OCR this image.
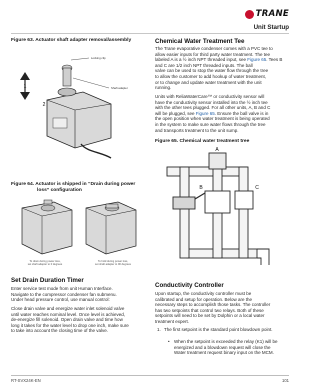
TRANE
Unit Startup
Figure 63. Actuator shaft adapter removal/assembly
1
2
Locking clip
Shaft adapter
Figure 64. Actuator is shipped in “Drain during power
loss” configuration
To drain during power loss,
set shaft adapter to 0 degrees
To hold during power loss,
set shaft adapter to 90 degrees
Set Drain Duration Timer
Enter service test mode from unit Human Interface.
Navigate to the compressor condenser fan submenu.
Under head pressure control, use manual control:
Close drain valve and energize water inlet solenoid valve
until water reaches nominal level. Once level is achieved,
de-energize fill solenoid. Open drain valve and time how
long it takes for the water level to drop one inch, make sure
to take into account the closing time of the valve.
Chemical Water Treatment Tee
The Trane evaporative condenser comes with a PVC tee to
allow easier inputs for third party water treatment. The tee
labeled A is a ½ inch NPT threaded input, see Figure 65. Tees B and C are 1/2 inch NPT threaded inputs. The ball
valve can be used to stop the water flow through the tree
to allow the customer to add hookup of water treatment,
or to change and update water treatment with the unit
running.
Units with ReliaWaterCare™ or conductivity sensor will
have the conductivity sensor installed into the ½ inch tee
with the other tees plugged. For all other units, A, B and C
will be plugged, see Figure 65. Ensure the ball valve is in
the open position when water treatment is being operated
in the system to make sure water flows through the tree
and transports treatment to the unit sump.
Figure 65. Chemical water treatment tree
A
B	C
Conductivity Controller
Upon startup, the conductivity controller must be
calibrated and setup for operation. Below are the
necessary steps to accomplish those tasks. The controller
has two setpoints that control two relays. Both of these
setpoints will need to be set by Dolphin or a local water
treatment expert.
1. The first setpoint is the standard point blowdown point.
• When the setpoint is exceeded the relay (K1) will be
energized and a blowdown request will close the
Water treatment request binary input on the MCM.
RT-SVX24K-EN	101
